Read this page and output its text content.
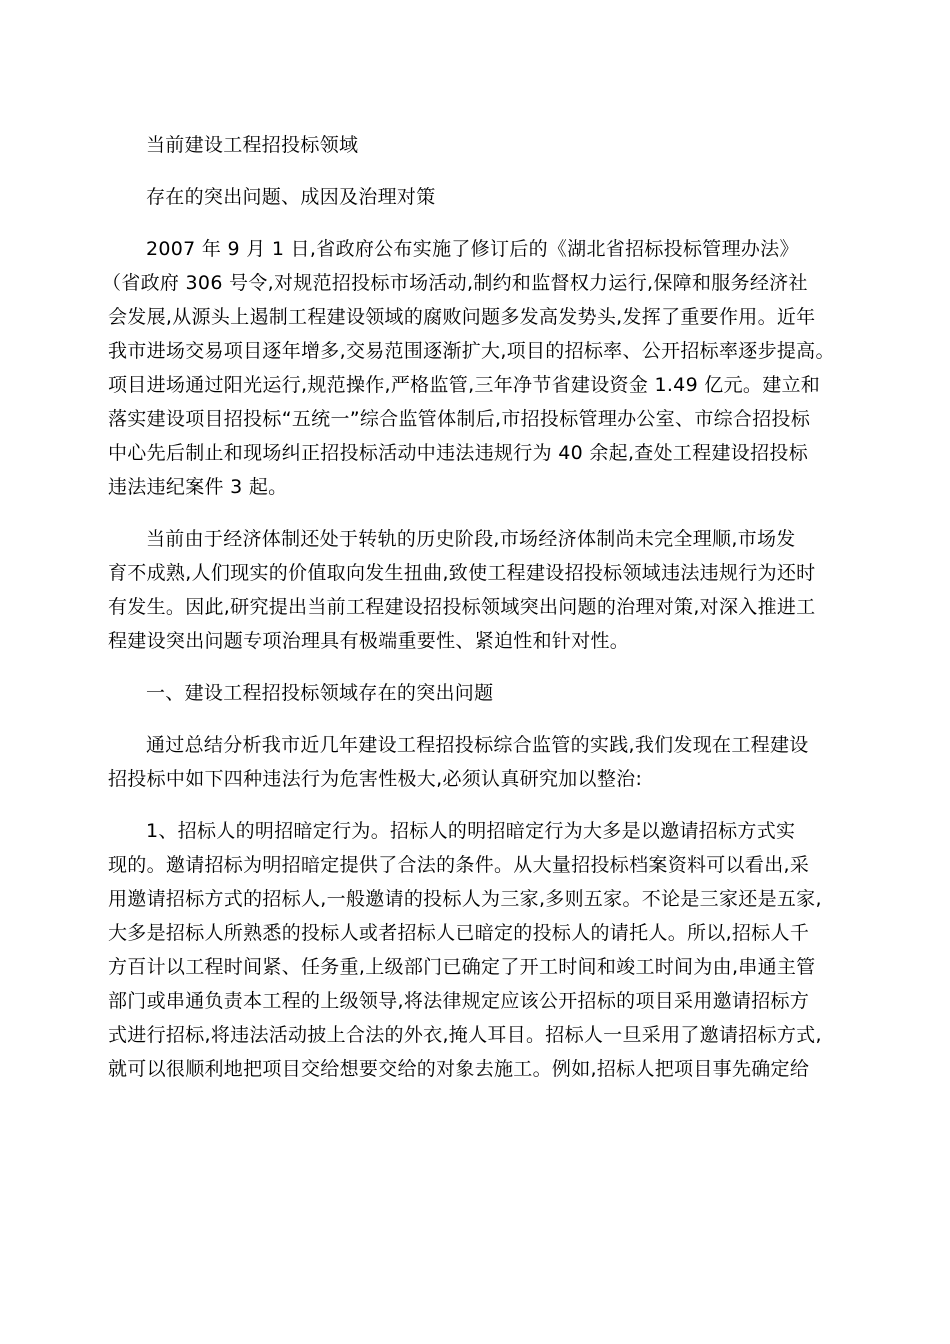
当前建设工程招投标领域
存在的突出问题、成因及治理对策
2007 年 9 月 1 日,省政府公布实施了修订后的《湖北省招标投标管理办法》
（省政府 306 号令,对规范招投标市场活动,制约和监督权力运行,保障和服务经济社
会发展,从源头上遏制工程建设领域的腐败问题多发高发势头,发挥了重要作用。近年
我市进场交易项目逐年增多,交易范围逐渐扩大,项目的招标率、公开招标率逐步提高。
项目进场通过阳光运行,规范操作,严格监管,三年净节省建设资金 1.49 亿元。建立和
落实建设项目招投标“五统一”综合监管体制后,市招投标管理办公室、市综合招投标
中心先后制止和现场纠正招投标活动中违法违规行为 40 余起,查处工程建设招投标
违法违纪案件 3 起。
当前由于经济体制还处于转轨的历史阶段,市场经济体制尚未完全理顺,市场发
育不成熟,人们现实的价值取向发生扭曲,致使工程建设招投标领域违法违规行为还时
有发生。因此,研究提出当前工程建设招投标领域突出问题的治理对策,对深入推进工
程建设突出问题专项治理具有极端重要性、紧迫性和针对性。
一、建设工程招投标领域存在的突出问题
通过总结分析我市近几年建设工程招投标综合监管的实践,我们发现在工程建设
招投标中如下四种违法行为危害性极大,必须认真研究加以整治:
1、招标人的明招暗定行为。招标人的明招暗定行为大多是以邀请招标方式实
现的。邀请招标为明招暗定提供了合法的条件。从大量招投标档案资料可以看出,采
用邀请招标方式的招标人,一般邀请的投标人为三家,多则五家。不论是三家还是五家,
大多是招标人所熟悉的投标人或者招标人已暗定的投标人的请托人。所以,招标人千
方百计以工程时间紧、任务重,上级部门已确定了开工时间和竣工时间为由,串通主管
部门或串通负责本工程的上级领导,将法律规定应该公开招标的项目采用邀请招标方
式进行招标,将违法活动披上合法的外衣,掩人耳目。招标人一旦采用了邀请招标方式,
就可以很顺利地把项目交给想要交给的对象去施工。例如,招标人把项目事先确定给
